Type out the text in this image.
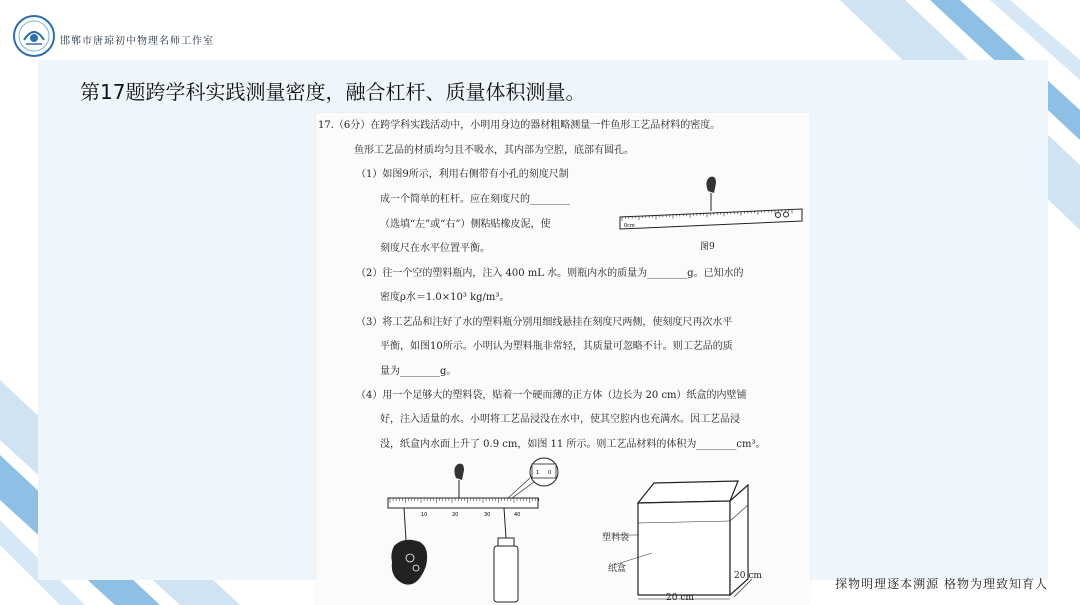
邯郸市唐琼初中物理名师工作室
第17题跨学科实践测量密度，融合杠杆、质量体积测量。
17.（6分）在跨学科实践活动中，小明用身边的器材粗略测量一件鱼形工艺品材料的密度。
鱼形工艺品的材质均匀且不吸水，其内部为空腔，底部有圆孔。
（1）如图9所示，利用右侧带有小孔的刻度尺制
成一个简单的杠杆。应在刻度尺的________
（选填“左”或“右”）侧粘贴橡皮泥，使
刻度尺在水平位置平衡。
（2）往一个空的塑料瓶内，注入 400 mL 水。则瓶内水的质量为________g。已知水的
密度ρ水＝1.0×10³ kg/m³。
（3）将工艺品和注好了水的塑料瓶分别用细线悬挂在刻度尺两侧，使刻度尺再次水平
平衡，如图10所示。小明认为塑料瓶非常轻，其质量可忽略不计。则工艺品的质
量为________g。
（4）用一个足够大的塑料袋，贴着一个硬而薄的正方体（边长为 20 cm）纸盒的内壁铺
好，注入适量的水。小明将工艺品浸没在水中，使其空腔内也充满水。因工艺品浸
没，纸盒内水面上升了 0.9 cm，如图 11 所示。则工艺品材料的体积为________cm³。
0cm
图9
10	20	30	40
1 0
塑料袋
纸盒
20 cm
20 cm
探物明理逐本溯源 格物为理致知育人
